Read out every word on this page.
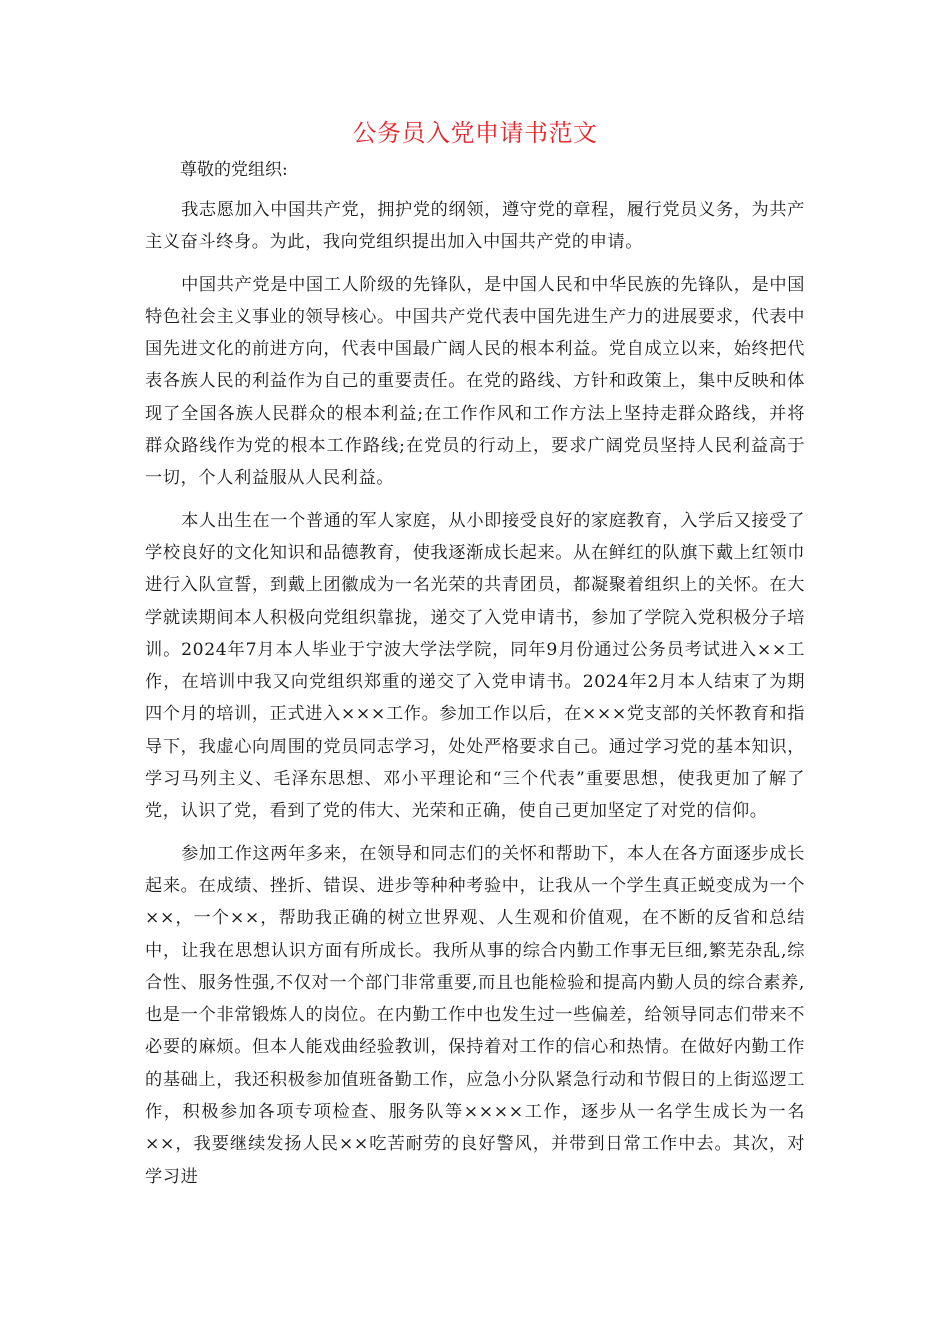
公务员入党申请书范文
尊敬的党组织:

我志愿加入中国共产党，拥护党的纲领，遵守党的章程，履行党员义务，为共产主义奋斗终身。为此，我向党组织提出加入中国共产党的申请。

中国共产党是中国工人阶级的先锋队，是中国人民和中华民族的先锋队，是中国特色社会主义事业的领导核心。中国共产党代表中国先进生产力的进展要求，代表中国先进文化的前进方向，代表中国最广阔人民的根本利益。党自成立以来，始终把代表各族人民的利益作为自己的重要责任。在党的路线、方针和政策上，集中反映和体现了全国各族人民群众的根本利益;在工作作风和工作方法上坚持走群众路线，并将群众路线作为党的根本工作路线;在党员的行动上，要求广阔党员坚持人民利益高于一切，个人利益服从人民利益。

本人出生在一个普通的军人家庭，从小即接受良好的家庭教育，入学后又接受了学校良好的文化知识和品德教育，使我逐渐成长起来。从在鲜红的队旗下戴上红领巾进行入队宣誓，到戴上团徽成为一名光荣的共青团员，都凝聚着组织上的关怀。在大学就读期间本人积极向党组织靠拢，递交了入党申请书，参加了学院入党积极分子培训。2024年7月本人毕业于宁波大学法学院，同年9月份通过公务员考试进入××工作，在培训中我又向党组织郑重的递交了入党申请书。2024年2月本人结束了为期四个月的培训，正式进入×××工作。参加工作以后，在×××党支部的关怀教育和指导下，我虚心向周围的党员同志学习，处处严格要求自己。通过学习党的基本知识，学习马列主义、毛泽东思想、邓小平理论和“三个代表”重要思想，使我更加了解了党，认识了党，看到了党的伟大、光荣和正确，使自己更加坚定了对党的信仰。

参加工作这两年多来，在领导和同志们的关怀和帮助下，本人在各方面逐步成长起来。在成绩、挫折、错误、进步等种种考验中，让我从一个学生真正蜕变成为一个××，一个××，帮助我正确的树立世界观、人生观和价值观，在不断的反省和总结中，让我在思想认识方面有所成长。我所从事的综合内勤工作事无巨细,繁芜杂乱,综合性、服务性强,不仅对一个部门非常重要,而且也能检验和提高内勤人员的综合素养,也是一个非常锻炼人的岗位。在内勤工作中也发生过一些偏差，给领导同志们带来不必要的麻烦。但本人能戏曲经验教训，保持着对工作的信心和热情。在做好内勤工作的基础上，我还积极参加值班备勤工作，应急小分队紧急行动和节假日的上街巡逻工作，积极参加各项专项检查、服务队等××××工作，逐步从一名学生成长为一名××，我要继续发扬人民××吃苦耐劳的良好警风，并带到日常工作中去。其次，对学习进
